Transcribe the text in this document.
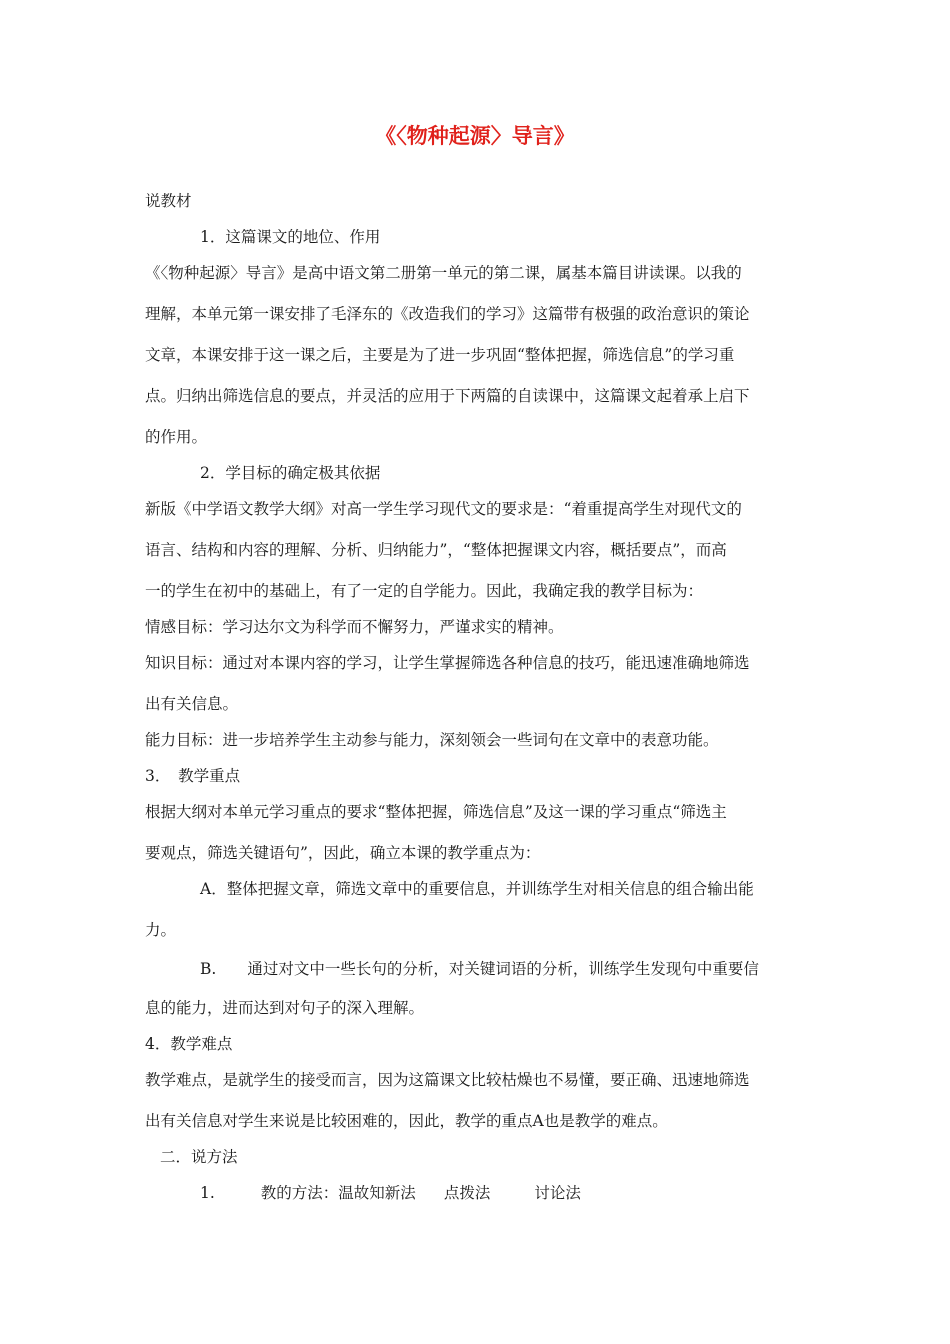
《〈物种起源〉导言》
说教材
1．这篇课文的地位、作用
《〈物种起源〉导言》是高中语文第二册第一单元的第二课，属基本篇目讲读课。以我的
理解，本单元第一课安排了毛泽东的《改造我们的学习》这篇带有极强的政治意识的策论
文章，本课安排于这一课之后，主要是为了进一步巩固“整体把握，筛选信息”的学习重
点。归纳出筛选信息的要点，并灵活的应用于下两篇的自读课中，这篇课文起着承上启下
的作用。
2．学目标的确定极其依据
新版《中学语文教学大纲》对高一学生学习现代文的要求是：“着重提高学生对现代文的
语言、结构和内容的理解、分析、归纳能力”，“整体把握课文内容，概括要点”，而高
一的学生在初中的基础上，有了一定的自学能力。因此，我确定我的教学目标为：
情感目标：学习达尔文为科学而不懈努力，严谨求实的精神。
知识目标：通过对本课内容的学习，让学生掌握筛选各种信息的技巧，能迅速准确地筛选
出有关信息。
能力目标：进一步培养学生主动参与能力，深刻领会一些词句在文章中的表意功能。
3．　教学重点
根据大纲对本单元学习重点的要求“整体把握，筛选信息”及这一课的学习重点“筛选主
要观点，筛选关键语句”，因此，确立本课的教学重点为：
A．整体把握文章，筛选文章中的重要信息，并训练学生对相关信息的组合输出能
力。
B.　　通过对文中一些长句的分析，对关键词语的分析，训练学生发现句中重要信
息的能力，进而达到对句子的深入理解。
4．教学难点
教学难点，是就学生的接受而言，因为这篇课文比较枯燥也不易懂，要正确、迅速地筛选
出有关信息对学生来说是比较困难的，因此，教学的重点A也是教学的难点。
二．说方法
1.	教的方法：温故知新法 点拨法	讨论法
